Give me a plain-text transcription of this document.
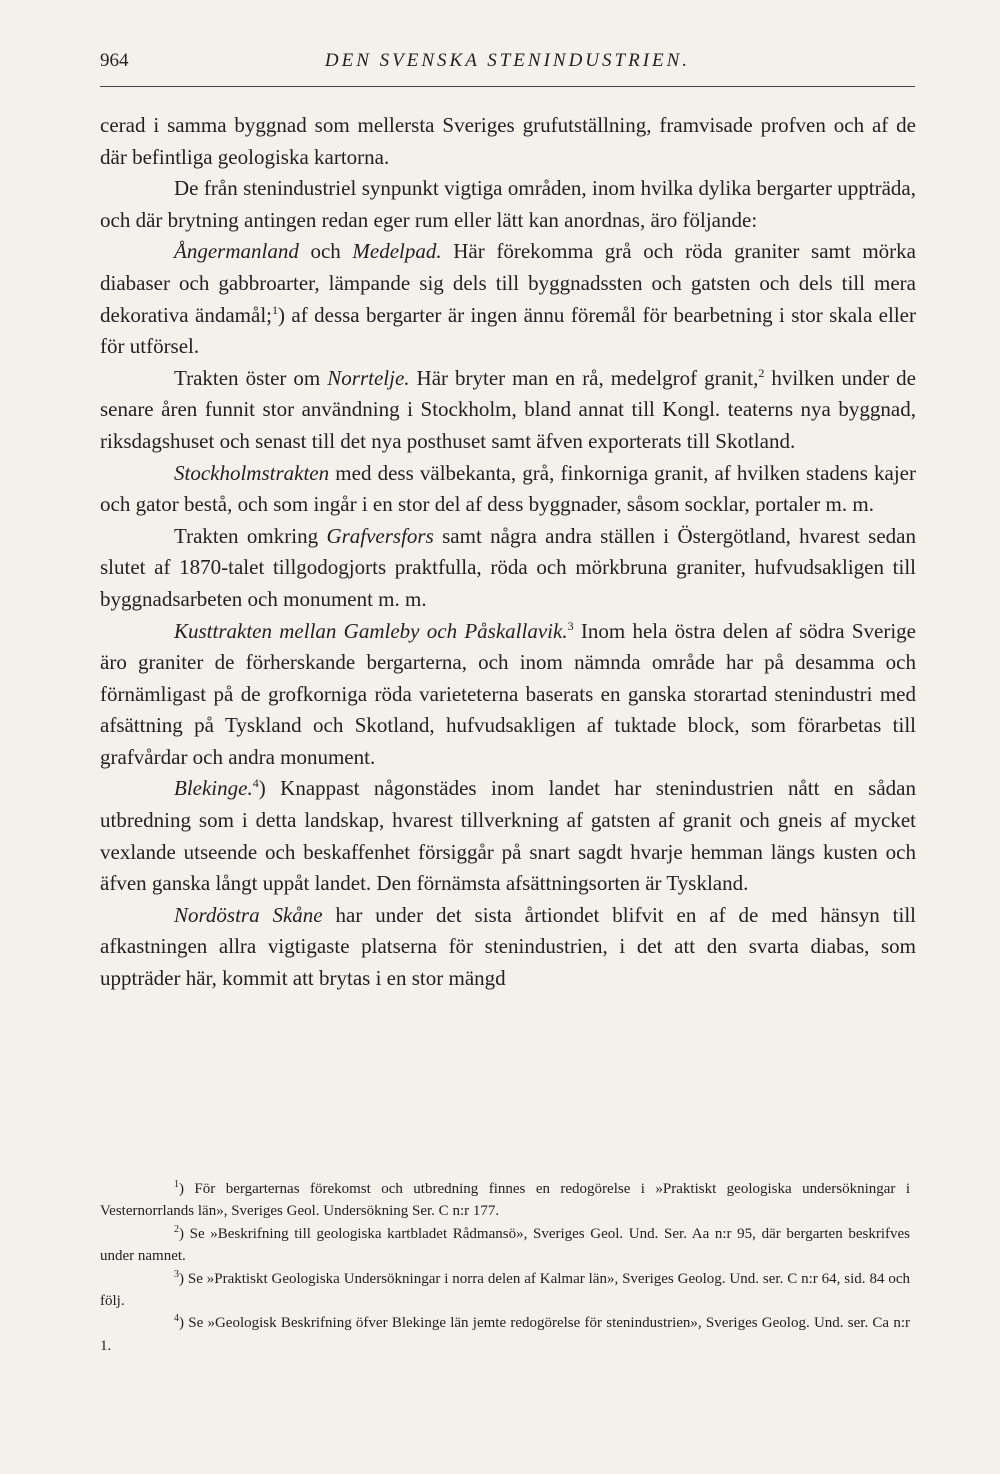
964	DEN SVENSKA STENINDUSTRIEN.

cerad i samma byggnad som mellersta Sveriges grufutställning, framvisade profven och af de där befintliga geologiska kartorna.

De från stenindustriel synpunkt vigtiga områden, inom hvilka dylika bergarter uppträda, och där brytning antingen redan eger rum eller lätt kan anordnas, äro följande:

Ångermanland och Medelpad. Här förekomma grå och röda graniter samt mörka diabaser och gabbroarter, lämpande sig dels till byggnadssten och gatsten och dels till mera dekorativa ändamål;$^1$) af dessa bergarter är ingen ännu föremål för bearbetning i stor skala eller för utförsel.

Trakten öster om Norrtelje. Här bryter man en rå, medelgrof granit,$^2$ hvilken under de senare åren funnit stor användning i Stockholm, bland annat till Kongl. teaterns nya byggnad, riksdagshuset och senast till det nya posthuset samt äfven exporterats till Skotland.

Stockholmstrakten med dess välbekanta, grå, finkorniga granit, af hvilken stadens kajer och gator bestå, och som ingår i en stor del af dess byggnader, såsom socklar, portaler m. m.

Trakten omkring Grafversfors samt några andra ställen i Östergötland, hvarest sedan slutet af 1870-talet tillgodogjorts praktfulla, röda och mörkbruna graniter, hufvudsakligen till byggnadsarbeten och monument m. m.

Kusttrakten mellan Gamleby och Påskallavik.$^3$ Inom hela östra delen af södra Sverige äro graniter de förherskande bergarterna, och inom nämnda område har på desamma och förnämligast på de grofkorniga röda varieteterna baserats en ganska storartad stenindustri med afsättning på Tyskland och Skotland, hufvudsakligen af tuktade block, som förarbetas till grafvårdar och andra monument.

Blekinge.$^4$) Knappast någonstädes inom landet har stenindustrien nått en sådan utbredning som i detta landskap, hvarest tillverkning af gatsten af granit och gneis af mycket vexlande utseende och beskaffenhet försiggår på snart sagdt hvarje hemman längs kusten och äfven ganska långt uppåt landet. Den förnämsta afsättningsorten är Tyskland.

Nordöstra Skåne har under det sista årtiondet blifvit en af de med hänsyn till afkastningen allra vigtigaste platserna för stenindustrien, i det att den svarta diabas, som uppträder här, kommit att brytas i en stor mängd

$^1$) För bergarternas förekomst och utbredning finnes en redogörelse i »Praktiskt geologiska undersökningar i Vesternorrlands län», Sveriges Geol. Undersökning Ser. C n:r 177.

$^2$) Se »Beskrifning till geologiska kartbladet Rådmansö», Sveriges Geol. Und. Ser. Aa n:r 95, där bergarten beskrifves under namnet.

$^3$) Se »Praktiskt Geologiska Undersökningar i norra delen af Kalmar län», Sveriges Geolog. Und. ser. C n:r 64, sid. 84 och följ.

$^4$) Se »Geologisk Beskrifning öfver Blekinge län jemte redogörelse för stenindustrien», Sveriges Geolog. Und. ser. Ca n:r 1.
